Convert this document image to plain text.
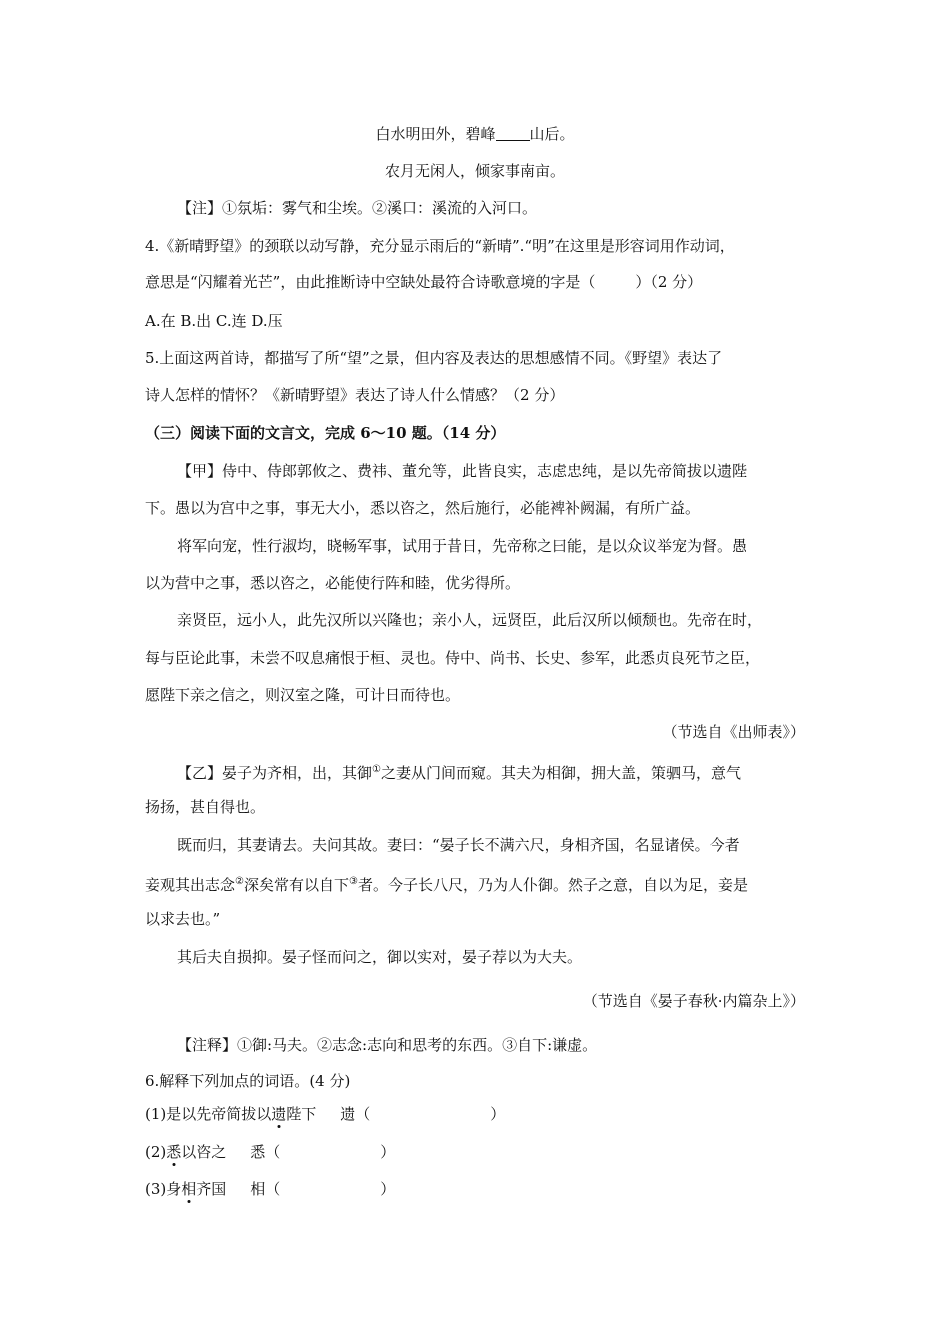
白水明田外，碧峰 山后。
农月无闲人，倾家事南亩。
【注】①氛垢：雾气和尘埃。②溪口：溪流的入河口。
4.《新晴野望》的颈联以动写静，充分显示雨后的“新晴”.“明”在这里是形容词用作动词，
意思是“闪耀着光芒”，由此推断诗中空缺处最符合诗歌意境的字是（	）（2 分）
A.在 B.出 C.连 D.压
5.上面这两首诗，都描写了所“望”之景，但内容及表达的思想感情不同。《野望》表达了
诗人怎样的情怀？《新晴野望》表达了诗人什么情感？（2 分）
（三）阅读下面的文言文，完成 6～10 题。（14 分）
【甲】侍中、侍郎郭攸之、费祎、董允等，此皆良实，志虑忠纯，是以先帝简拔以遗陛
下。愚以为宫中之事，事无大小，悉以咨之，然后施行，必能裨补阙漏，有所广益。
将军向宠，性行淑均，晓畅军事，试用于昔日，先帝称之曰能，是以众议举宠为督。愚
以为营中之事，悉以咨之，必能使行阵和睦，优劣得所。
亲贤臣，远小人，此先汉所以兴隆也；亲小人，远贤臣，此后汉所以倾颓也。先帝在时，
每与臣论此事，未尝不叹息痛恨于桓、灵也。侍中、尚书、长史、参军，此悉贞良死节之臣，
愿陛下亲之信之，则汉室之隆，可计日而待也。
（节选自《出师表》）
【乙】晏子为齐相，出，其御①之妻从门间而窥。其夫为相御，拥大盖，策驷马，意气
扬扬，甚自得也。
既而归，其妻请去。夫问其故。妻曰：“晏子长不满六尺，身相齐国，名显诸侯。今者
妾观其出志念②深矣常有以自下③者。今子长八尺，乃为人仆御。然子之意，自以为足，妾是
以求去也。”
其后夫自损抑。晏子怪而问之，御以实对，晏子荐以为大夫。
（节选自《晏子春秋·内篇杂上》）
【注释】①御:马夫。②志念:志向和思考的东西。③自下:谦虚。
6.解释下列加点的词语。(4 分)
(1)是以先帝简拔以遗陛下 遗（	）
(2)悉以咨之 悉（	）
(3)身相齐国 相（	）
